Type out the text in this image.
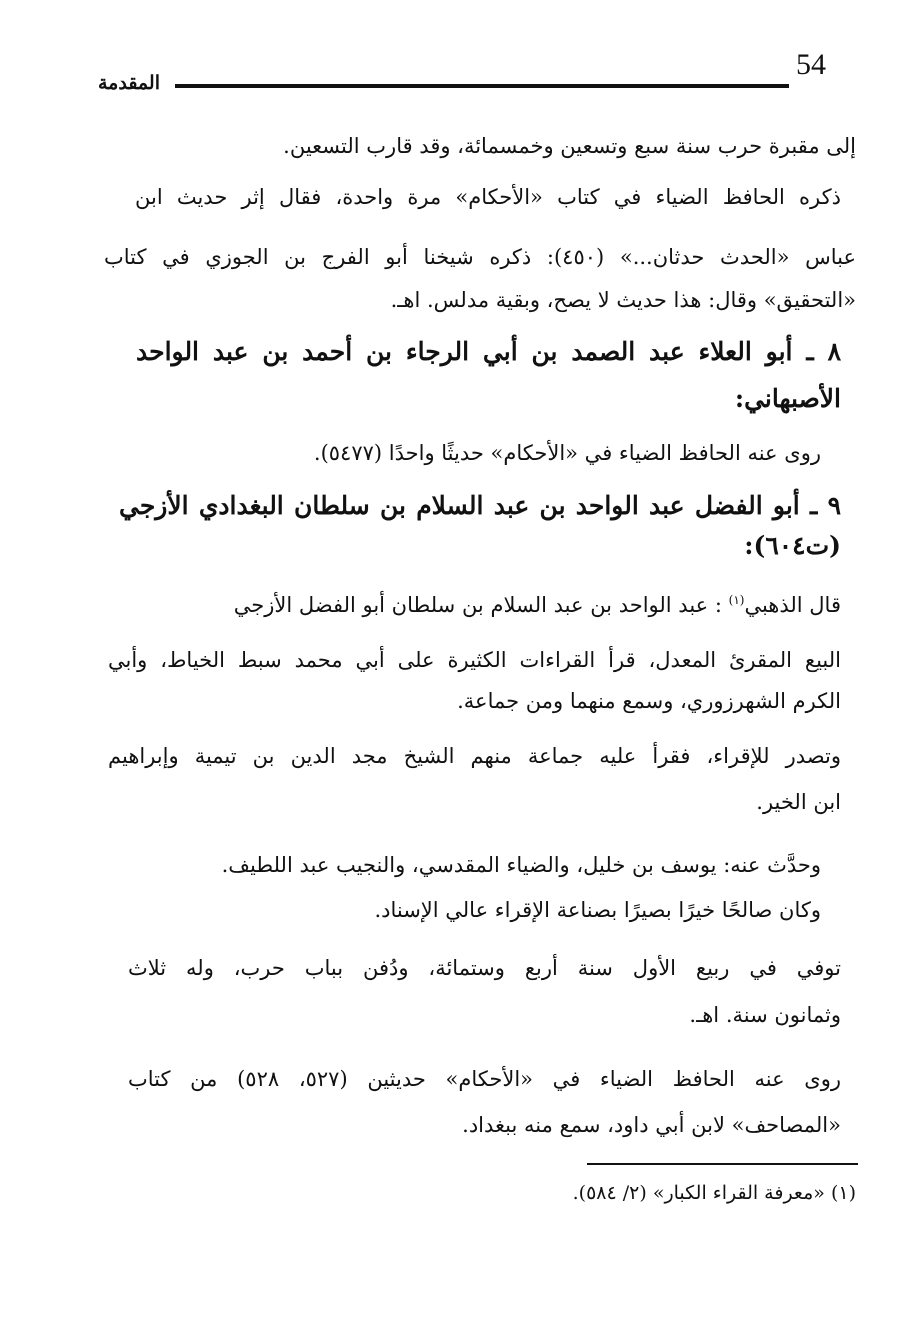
54
المقدمة
إلى مقبرة حرب سنة سبع وتسعين وخمسمائة، وقد قارب التسعين.
ذكره الحافظ الضياء في كتاب «الأحكام» مرة واحدة، فقال إثر حديث ابن
عباس «الحدث حدثان...» (٤٥٠): ذكره شيخنا أبو الفرج بن الجوزي في كتاب
«التحقيق» وقال: هذا حديث لا يصح، وبقية مدلس. اهـ.
٨ ـ أبو العلاء عبد الصمد بن أبي الرجاء بن أحمد بن عبد الواحد
الأصبهاني:
روى عنه الحافظ الضياء في «الأحكام» حديثًا واحدًا (٥٤٧٧).
٩ ـ أبو الفضل عبد الواحد بن عبد السلام بن سلطان البغدادي الأزجي
(ت٦٠٤):
قال الذهبي$^{(١)}$ : عبد الواحد بن عبد السلام بن سلطان أبو الفضل الأزجي
البيع المقرئ المعدل، قرأ القراءات الكثيرة على أبي محمد سبط الخياط، وأبي
الكرم الشهرزوري، وسمع منهما ومن جماعة.
وتصدر للإقراء، فقرأ عليه جماعة منهم الشيخ مجد الدين بن تيمية وإبراهيم
ابن الخير.
وحدَّث عنه: يوسف بن خليل، والضياء المقدسي، والنجيب عبد اللطيف.
وكان صالحًا خيرًا بصيرًا بصناعة الإقراء عالي الإسناد.
توفي في ربيع الأول سنة أربع وستمائة، ودُفن بباب حرب، وله ثلاث
وثمانون سنة. اهـ.
روى عنه الحافظ الضياء في «الأحكام» حديثين (٥٢٧، ٥٢٨) من كتاب
«المصاحف» لابن أبي داود، سمع منه ببغداد.
(١) «معرفة القراء الكبار» (٢/ ٥٨٤).
